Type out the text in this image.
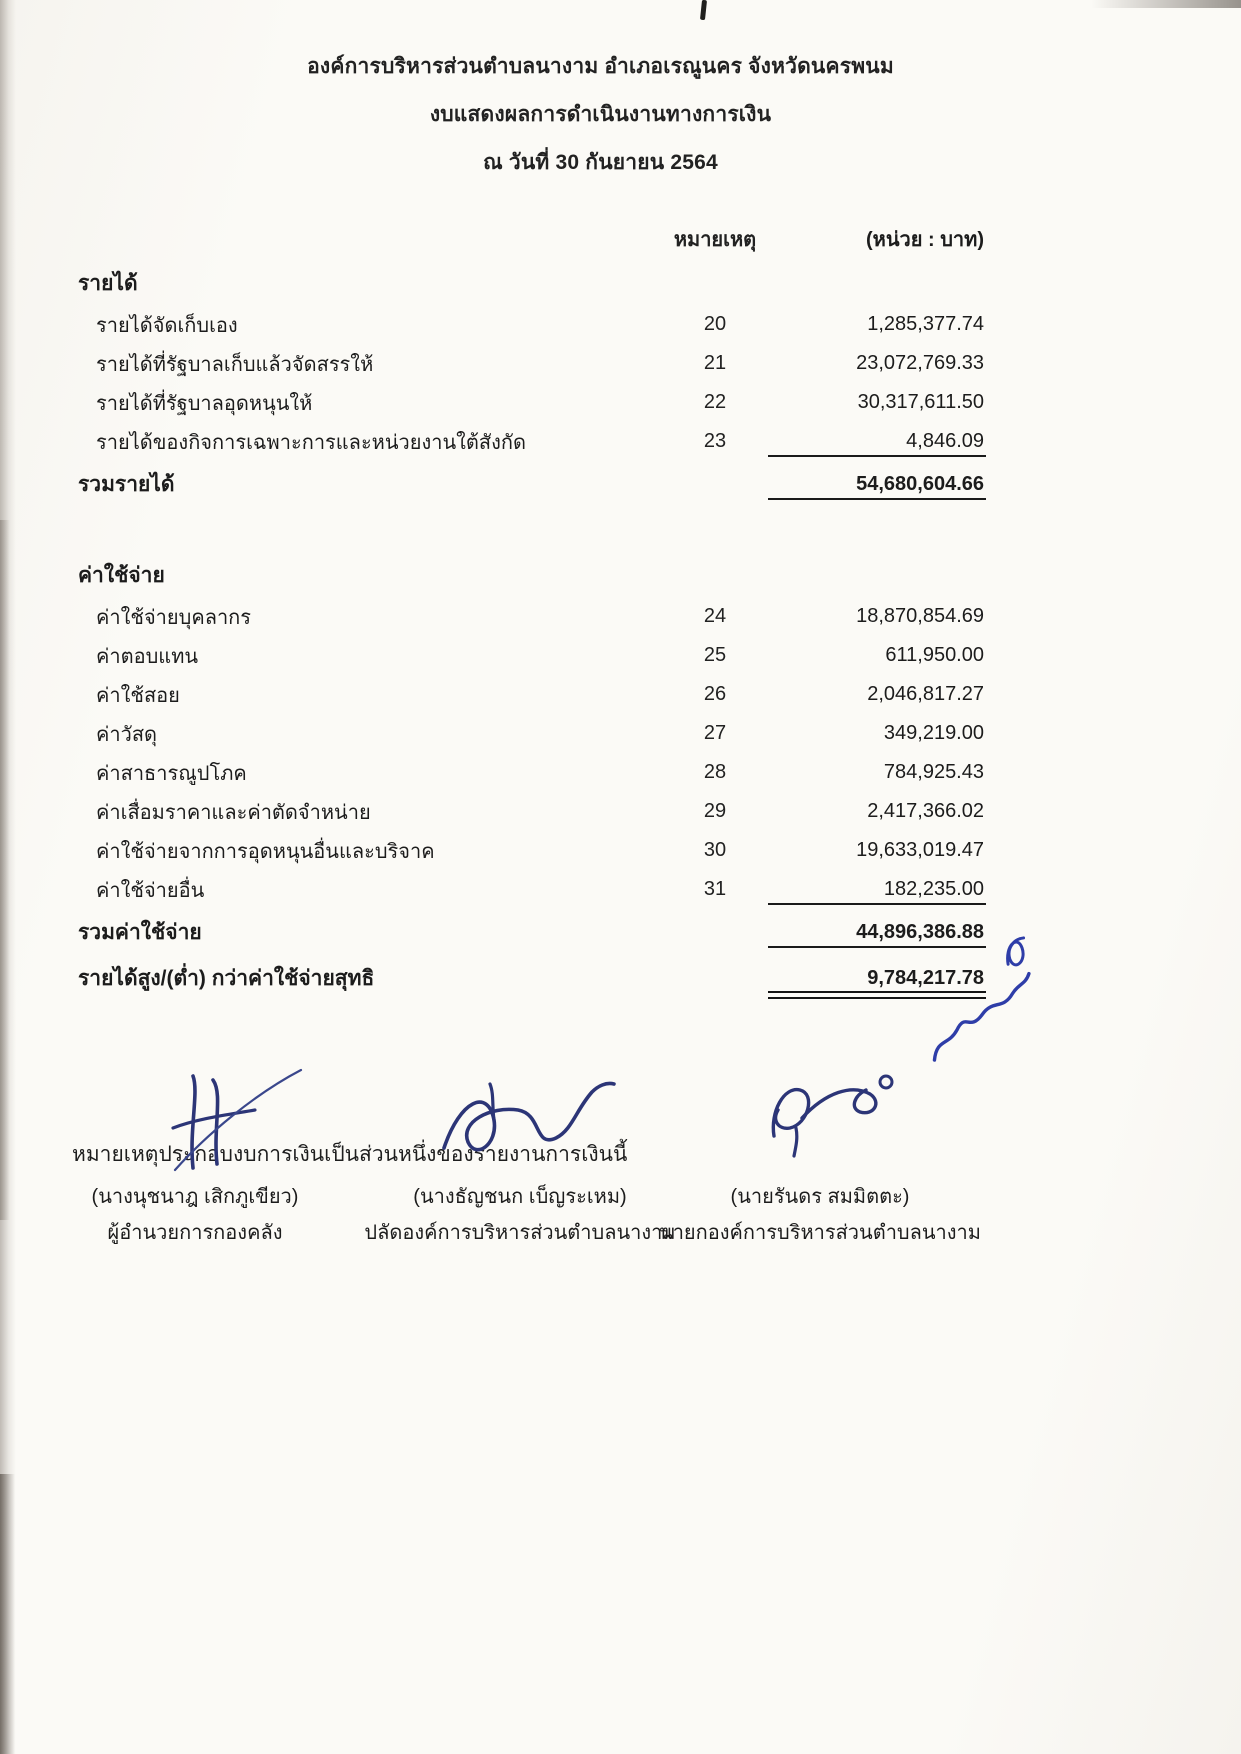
องค์การบริหารส่วนตำบลนางาม อำเภอเรณูนคร จังหวัดนครพนม
งบแสดงผลการดำเนินงานทางการเงิน
ณ วันที่ 30 กันยายน 2564
หมายเหตุ	(หน่วย : บาท)
รายได้
รายได้จัดเก็บเอง	20	1,285,377.74
รายได้ที่รัฐบาลเก็บแล้วจัดสรรให้	21	23,072,769.33
รายได้ที่รัฐบาลอุดหนุนให้	22	30,317,611.50
รายได้ของกิจการเฉพาะการและหน่วยงานใต้สังกัด	23	4,846.09
รวมรายได้	54,680,604.66
ค่าใช้จ่าย
ค่าใช้จ่ายบุคลากร	24	18,870,854.69
ค่าตอบแทน	25	611,950.00
ค่าใช้สอย	26	2,046,817.27
ค่าวัสดุ	27	349,219.00
ค่าสาธารณูปโภค	28	784,925.43
ค่าเสื่อมราคาและค่าตัดจำหน่าย	29	2,417,366.02
ค่าใช้จ่ายจากการอุดหนุนอื่นและบริจาค	30	19,633,019.47
ค่าใช้จ่ายอื่น	31	182,235.00
รวมค่าใช้จ่าย	44,896,386.88
รายได้สูง/(ต่ำ) กว่าค่าใช้จ่ายสุทธิ	9,784,217.78
หมายเหตุประกอบงบการเงินเป็นส่วนหนึ่งของรายงานการเงินนี้
(นางนุชนาฎ เสิกภูเขียว)
ผู้อำนวยการกองคลัง
(นางธัญชนก เบ็ญระเหม)
ปลัดองค์การบริหารส่วนตำบลนางาม
(นายรันดร สมมิตตะ)
นายกองค์การบริหารส่วนตำบลนางาม
